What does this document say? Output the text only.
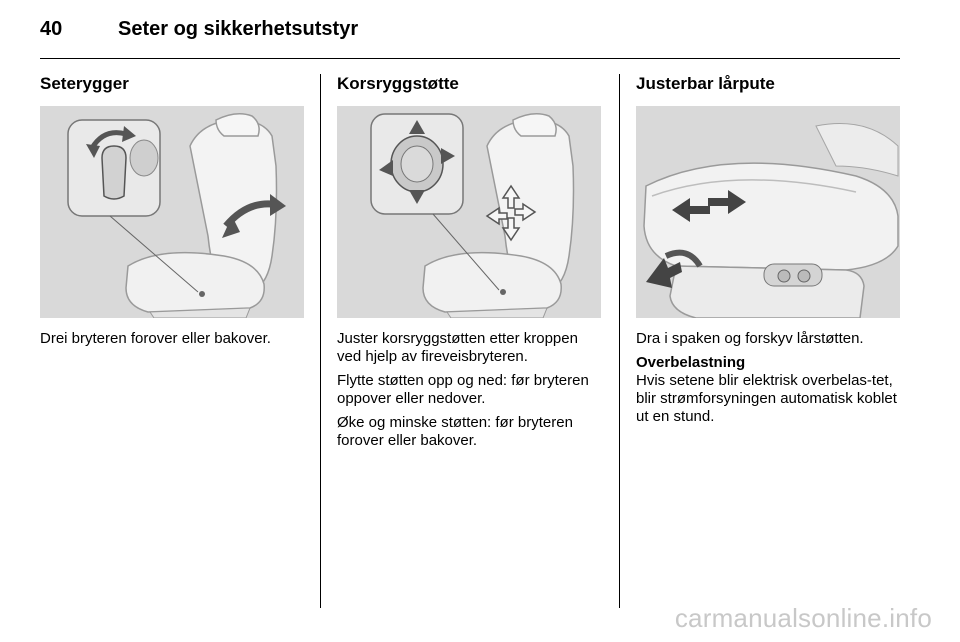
40	Seter og sikkerhetsutstyr
Seterygger

Drei bryteren forover eller bakover.

Korsryggstøtte

Juster korsryggstøtten etter kroppen ved hjelp av fireveisbryteren.

Flytte støtten opp og ned: før bryteren oppover eller nedover.

Øke og minske støtten: før bryteren forover eller bakover.

Justerbar lårpute

Dra i spaken og forskyv lårstøtten.

Overbelastning

Hvis setene blir elektrisk overbelas-tet, blir strømforsyningen automatisk koblet ut en stund.

carmanualsonline.info
